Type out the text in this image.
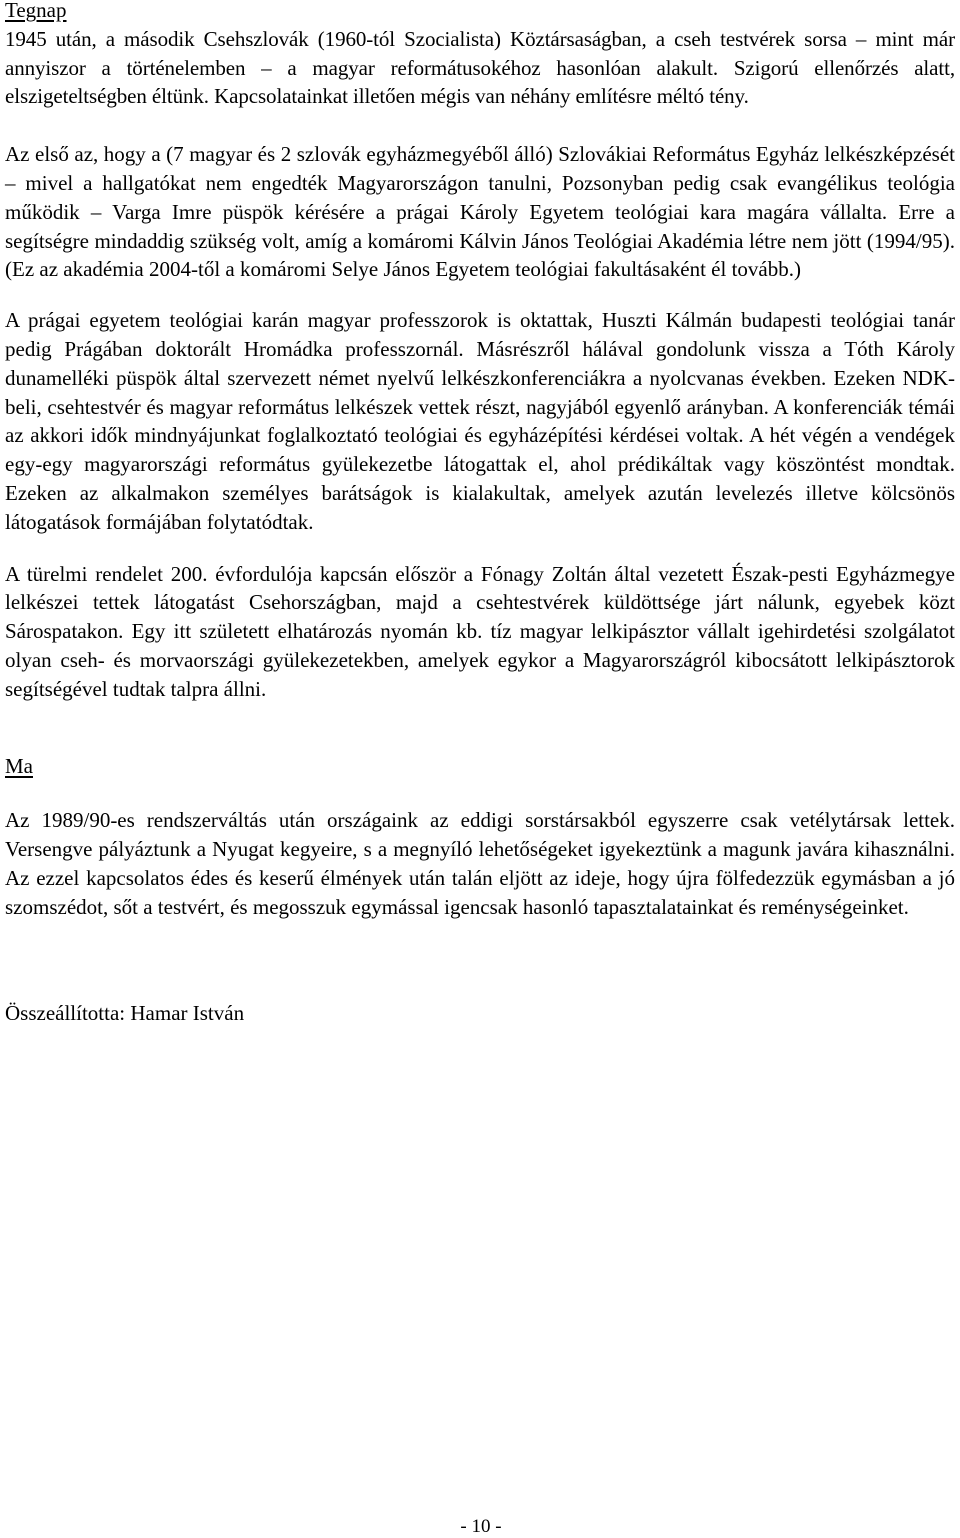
Tegnap

1945 után, a második Csehszlovák (1960-tól Szocialista) Köztársaságban, a cseh testvérek sorsa – mint már annyiszor a történelemben – a magyar reformátusokéhoz hasonlóan alakult. Szigorú ellenőrzés alatt, elszigeteltségben éltünk. Kapcsolatainkat illetően mégis van néhány említésre méltó tény.

Az első az, hogy a (7 magyar és 2 szlovák egyházmegyéből álló) Szlovákiai Református Egyház lelkészképzését – mivel a hallgatókat nem engedték Magyarországon tanulni, Pozsonyban pedig csak evangélikus teológia működik – Varga Imre püspök kérésére a prágai Károly Egyetem teológiai kara magára vállalta. Erre a segítségre mindaddig szükség volt, amíg a komáromi Kálvin János Teológiai Akadémia létre nem jött (1994/95). (Ez az akadémia 2004-től a komáromi Selye János Egyetem teológiai fakultásaként él tovább.)

A prágai egyetem teológiai karán magyar professzorok is oktattak, Huszti Kálmán budapesti teológiai tanár pedig Prágában doktorált Hromádka professzornál. Másrészről hálával gondolunk vissza a Tóth Károly dunamelléki püspök által szervezett német nyelvű lelkészkonferenciákra a nyolcvanas években. Ezeken NDK-beli, csehtestvér és magyar református lelkészek vettek részt, nagyjából egyenlő arányban. A konferenciák témái az akkori idők mindnyájunkat foglalkoztató teológiai és egyházépítési kérdései voltak. A hét végén a vendégek egy-egy magyarországi református gyülekezetbe látogattak el, ahol prédikáltak vagy köszöntést mondtak. Ezeken az alkalmakon személyes barátságok is kialakultak, amelyek azután levelezés illetve kölcsönös látogatások formájában folytatódtak.

A türelmi rendelet 200. évfordulója kapcsán először a Fónagy Zoltán által vezetett Észak-pesti Egyházmegye lelkészei tettek látogatást Csehországban, majd a csehtestvérek küldöttsége járt nálunk, egyebek közt Sárospatakon. Egy itt született elhatározás nyomán kb. tíz magyar lelkipásztor vállalt igehirdetési szolgálatot olyan cseh- és morvaországi gyülekezetekben, amelyek egykor a Magyarországról kibocsátott lelkipásztorok segítségével tudtak talpra állni.

Ma

Az 1989/90-es rendszerváltás után országaink az eddigi sorstársakból egyszerre csak vetélytársak lettek. Versengve pályáztunk a Nyugat kegyeire, s a megnyíló lehetőségeket igyekeztünk a magunk javára kihasználni. Az ezzel kapcsolatos édes és keserű élmények után talán eljött az ideje, hogy újra fölfedezzük egymásban a jó szomszédot, sőt a testvért, és megosszuk egymással igencsak hasonló tapasztalatainkat és reménységeinket.

Összeállította: Hamar István

- 10 -
